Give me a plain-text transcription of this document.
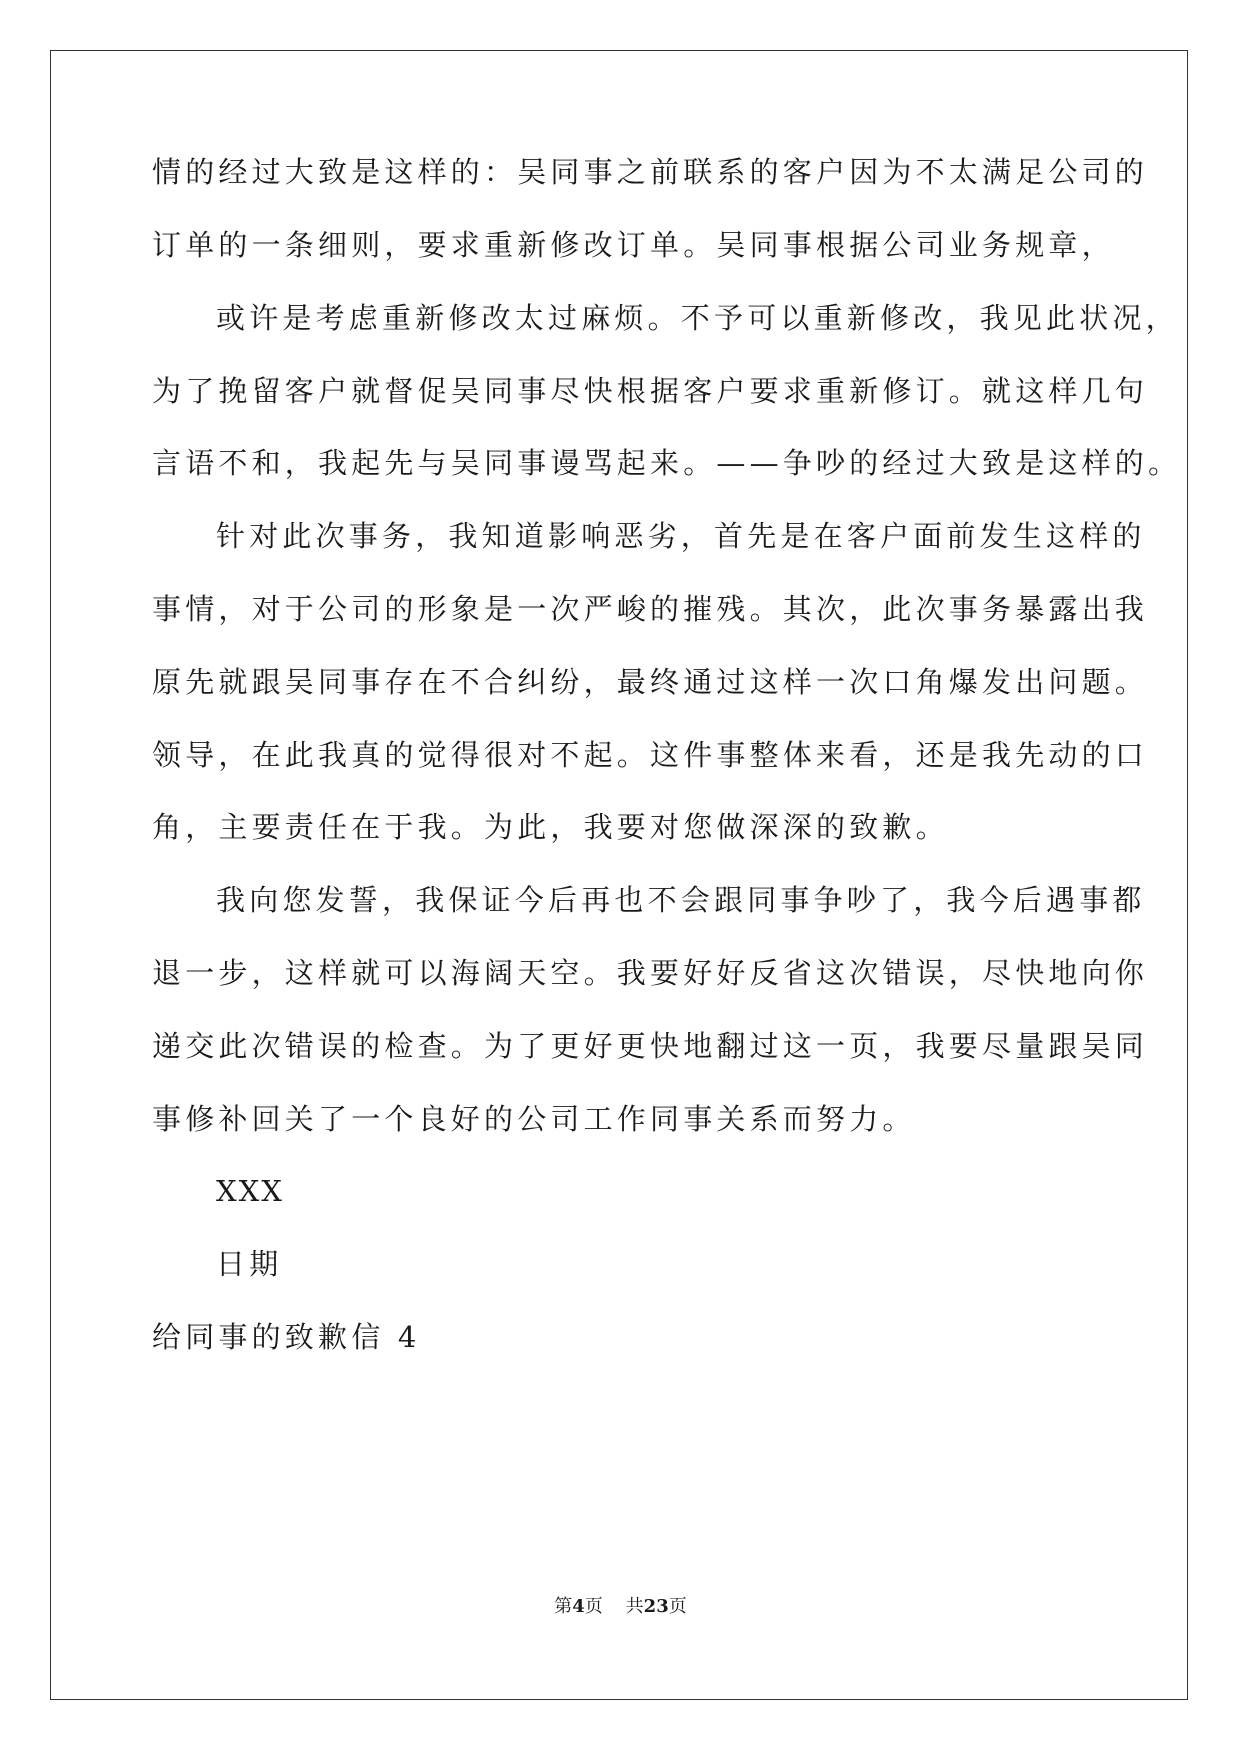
情的经过大致是这样的：吴同事之前联系的客户因为不太满足公司的
订单的一条细则，要求重新修改订单。吴同事根据公司业务规章，
或许是考虑重新修改太过麻烦。不予可以重新修改，我见此状况，
为了挽留客户就督促吴同事尽快根据客户要求重新修订。就这样几句
言语不和，我起先与吴同事谩骂起来。——争吵的经过大致是这样的。
针对此次事务，我知道影响恶劣，首先是在客户面前发生这样的
事情，对于公司的形象是一次严峻的摧残。其次，此次事务暴露出我
原先就跟吴同事存在不合纠纷，最终通过这样一次口角爆发出问题。
领导，在此我真的觉得很对不起。这件事整体来看，还是我先动的口
角，主要责任在于我。为此，我要对您做深深的致歉。
我向您发誓，我保证今后再也不会跟同事争吵了，我今后遇事都
退一步，这样就可以海阔天空。我要好好反省这次错误，尽快地向你
递交此次错误的检查。为了更好更快地翻过这一页，我要尽量跟吴同
事修补回关了一个良好的公司工作同事关系而努力。
XXX
日期
给同事的致歉信 4
第4页 共23页
